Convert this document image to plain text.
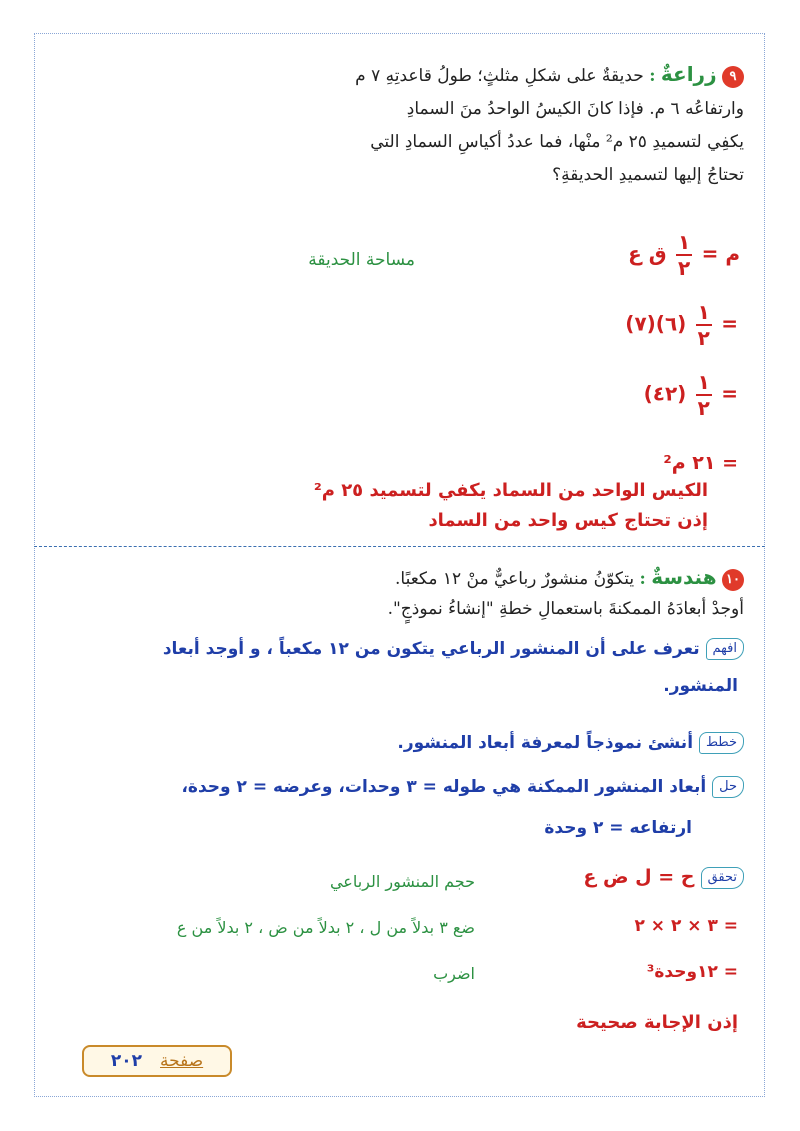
٩ زراعةٌ : حديقةٌ على شكلِ مثلثٍ؛ طولُ قاعدتِهِ ٧ م
وارتفاعُه ٦ م. فإذا كانَ الكيسُ الواحدُ منَ السمادِ
يكفِي لتسميدِ ٢٥ م² منْها، فما عددُ أكياسِ السمادِ التي
تحتاجُ إليها لتسميدِ الحديقةِ؟
م =
$\frac{١}{٢}$
ق ع
مساحة الحديقة
=
$\frac{١}{٢}$
(٦)(٧)
=
$\frac{١}{٢}$
(٤٢)
= ٢١ م²
الكيس الواحد من السماد يكفي لتسميد ٢٥ م²
إذن تحتاج كيس واحد من السماد
١٠ هندسةٌ : يتكوّنُ منشورٌ رباعيٌّ منْ ١٢ مكعبًا.
أوجدْ أبعادَهُ الممكنةَ باستعمالِ خطةِ "إنشاءُ نموذجٍ".
افهم تعرف على أن المنشور الرباعي يتكون من ١٢ مكعباً ، و أوجد أبعاد
المنشور.
خطط أنشئ نموذجاً لمعرفة أبعاد المنشور.
حل أبعاد المنشور الممكنة هي طوله = ٣ وحدات، وعرضه = ٢ وحدة،
ارتفاعه = ٢ وحدة
تحقق ح = ل ض ع
حجم المنشور الرباعي
= ٣ × ٢ × ٢
ضع ٣ بدلاً من ل ، ٢ بدلاً من ض ، ٢ بدلاً من ع
= ١٢وحدة³
اضرب
إذن الإجابة صحيحة
صفحة
٢٠٢
